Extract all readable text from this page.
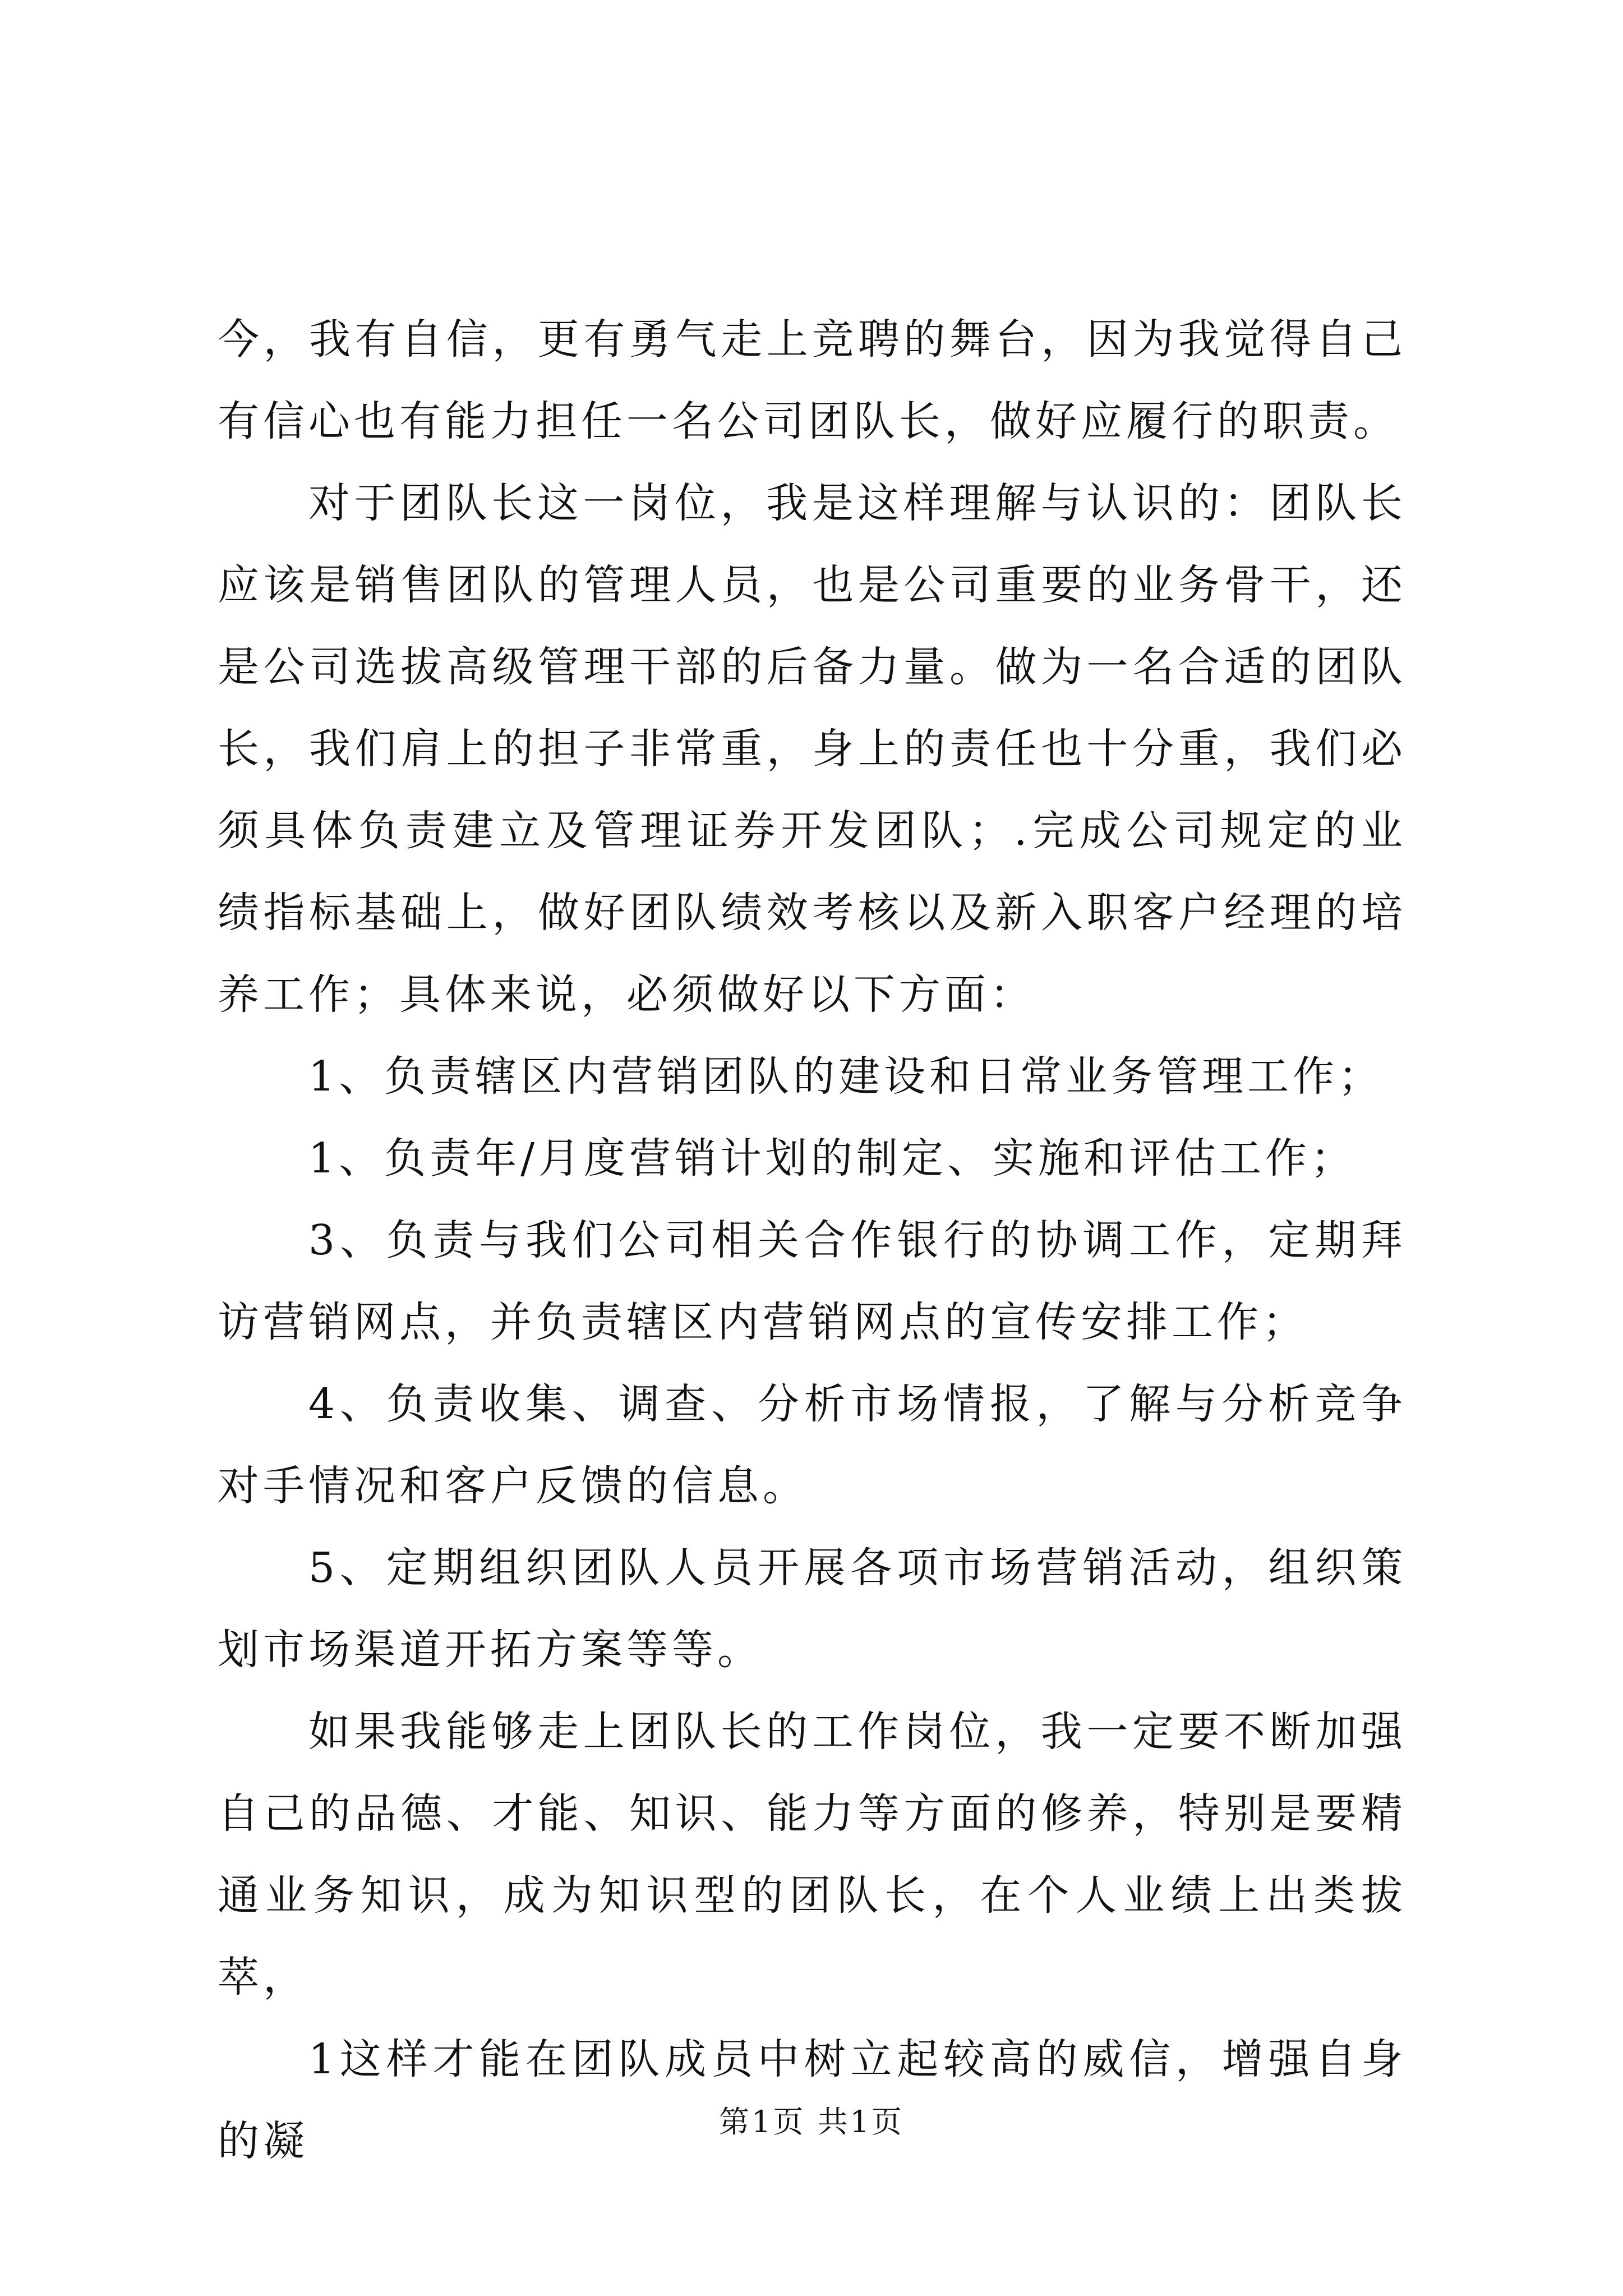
今，我有自信，更有勇气走上竞聘的舞台，因为我觉得自己有信心也有能力担任一名公司团队长，做好应履行的职责。

对于团队长这一岗位，我是这样理解与认识的：团队长应该是销售团队的管理人员，也是公司重要的业务骨干，还是公司选拔高级管理干部的后备力量。做为一名合适的团队长，我们肩上的担子非常重，身上的责任也十分重，我们必须具体负责建立及管理证券开发团队；.完成公司规定的业绩指标基础上，做好团队绩效考核以及新入职客户经理的培养工作；具体来说，必须做好以下方面：

1、负责辖区内营销团队的建设和日常业务管理工作；

1、负责年/月度营销计划的制定、实施和评估工作；

3、负责与我们公司相关合作银行的协调工作，定期拜访营销网点，并负责辖区内营销网点的宣传安排工作；

4、负责收集、调查、分析市场情报，了解与分析竞争对手情况和客户反馈的信息。

5、定期组织团队人员开展各项市场营销活动，组织策划市场渠道开拓方案等等。

如果我能够走上团队长的工作岗位，我一定要不断加强自己的品德、才能、知识、能力等方面的修养，特别是要精通业务知识，成为知识型的团队长，在个人业绩上出类拔萃，

1这样才能在团队成员中树立起较高的威信，增强自身的凝	第1页 共1页
